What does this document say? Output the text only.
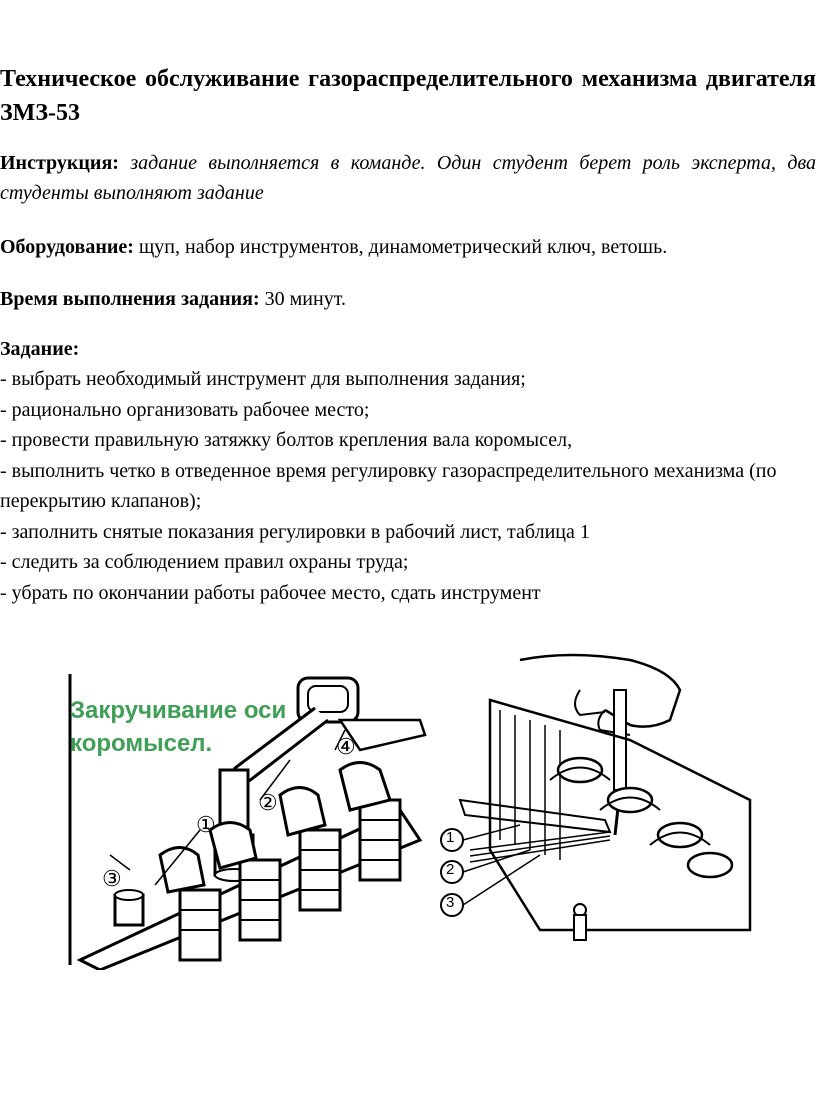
Техническое обслуживание газораспределительного механизма двигателя ЗМЗ-53

Инструкция: задание выполняется в команде. Один студент берет роль эксперта, два студенты выполняют задание

Оборудование: щуп, набор инструментов, динамометрический ключ, ветошь.

Время выполнения задания: 30 минут.

Задание:
- выбрать необходимый инструмент для выполнения задания;
- рационально организовать рабочее место;
- провести правильную затяжку болтов крепления вала коромысел,
- выполнить четко в отведенное время регулировку газораспределительного механизма (по перекрытию клапанов);
- заполнить снятые показания регулировки в рабочий лист, таблица 1
- следить за соблюдением правил охраны труда;
- убрать по окончании работы рабочее место, сдать инструмент
Закручивание оси
коромысел.
①
②
③
④
1
2
3
